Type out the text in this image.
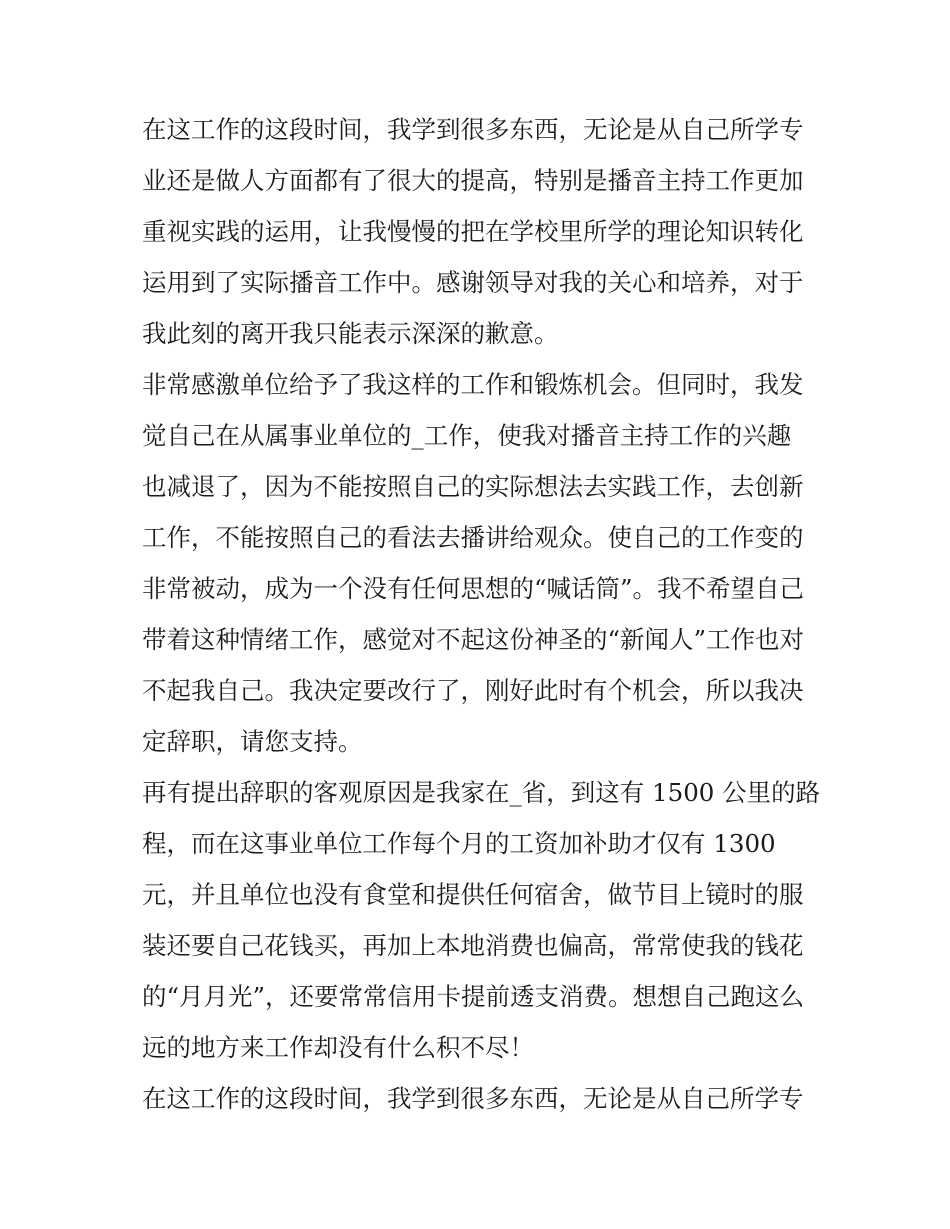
在这工作的这段时间，我学到很多东西，无论是从自己所学专
业还是做人方面都有了很大的提高，特别是播音主持工作更加
重视实践的运用，让我慢慢的把在学校里所学的理论知识转化
运用到了实际播音工作中。感谢领导对我的关心和培养，对于
我此刻的离开我只能表示深深的歉意。
非常感激单位给予了我这样的工作和锻炼机会。但同时，我发
觉自己在从属事业单位的_工作，使我对播音主持工作的兴趣
也减退了，因为不能按照自己的实际想法去实践工作，去创新
工作，不能按照自己的看法去播讲给观众。使自己的工作变的
非常被动，成为一个没有任何思想的“喊话筒”。我不希望自己
带着这种情绪工作，感觉对不起这份神圣的“新闻人”工作也对
不起我自己。我决定要改行了，刚好此时有个机会，所以我决
定辞职，请您支持。
再有提出辞职的客观原因是我家在_省，到这有 1500 公里的路
程，而在这事业单位工作每个月的工资加补助才仅有 1300
元，并且单位也没有食堂和提供任何宿舍，做节目上镜时的服
装还要自己花钱买，再加上本地消费也偏高，常常使我的钱花
的“月月光”，还要常常信用卡提前透支消费。想想自己跑这么
远的地方来工作却没有什么积不尽！
在这工作的这段时间，我学到很多东西，无论是从自己所学专
